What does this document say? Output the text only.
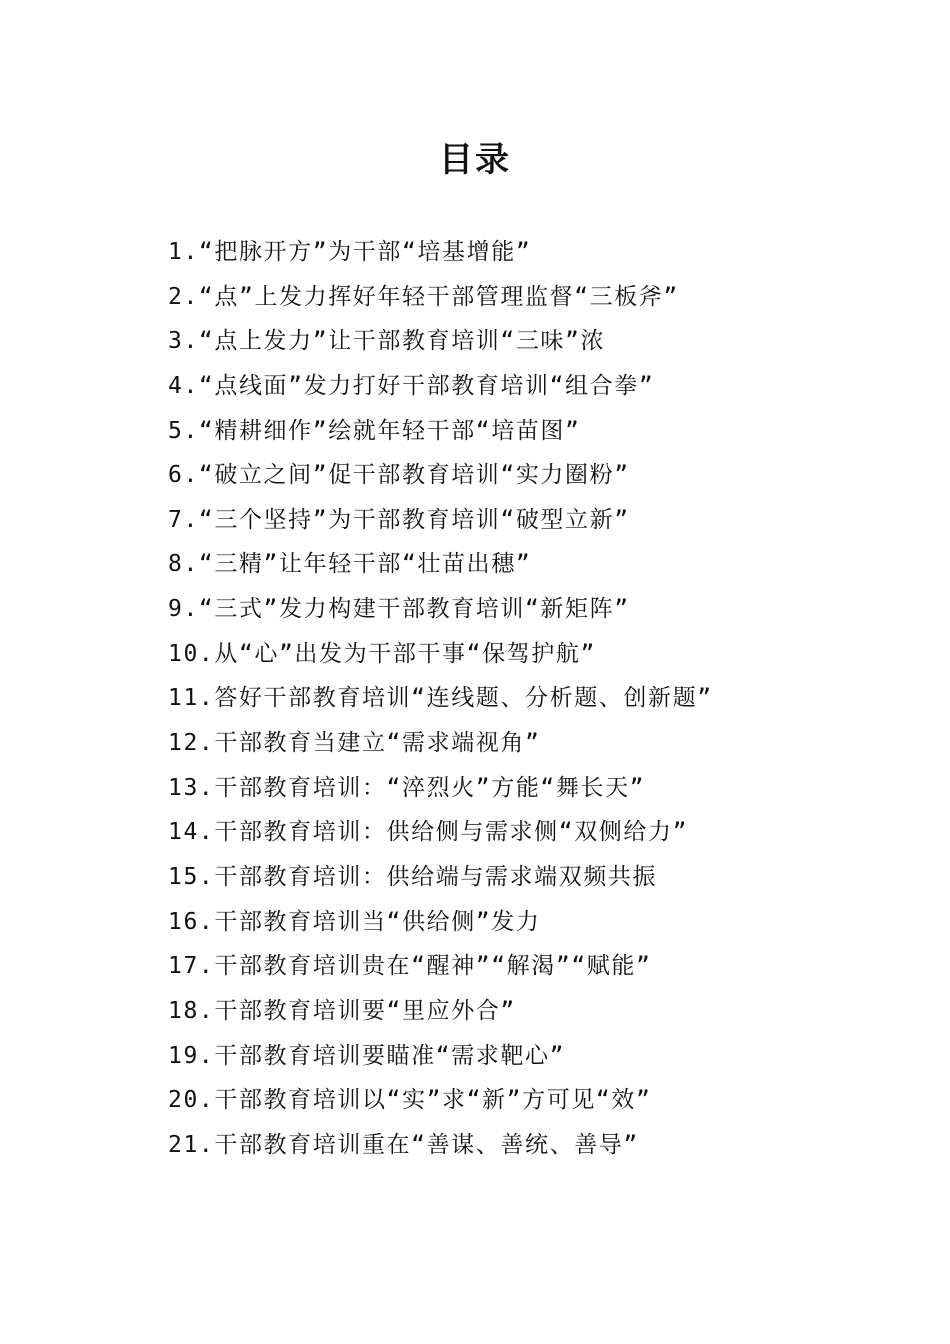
目录
1.“把脉开方”为干部“培基增能”
2.“点”上发力挥好年轻干部管理监督“三板斧”
3.“点上发力”让干部教育培训“三味”浓
4.“点线面”发力打好干部教育培训“组合拳”
5.“精耕细作”绘就年轻干部“培苗图”
6.“破立之间”促干部教育培训“实力圈粉”
7.“三个坚持”为干部教育培训“破型立新”
8.“三精”让年轻干部“壮苗出穗”
9.“三式”发力构建干部教育培训“新矩阵”
10.从“心”出发为干部干事“保驾护航”
11.答好干部教育培训“连线题、分析题、创新题”
12.干部教育当建立“需求端视角”
13.干部教育培训：“淬烈火”方能“舞长天”
14.干部教育培训：供给侧与需求侧“双侧给力”
15.干部教育培训：供给端与需求端双频共振
16.干部教育培训当“供给侧”发力
17.干部教育培训贵在“醒神”“解渴”“赋能”
18.干部教育培训要“里应外合”
19.干部教育培训要瞄准“需求靶心”
20.干部教育培训以“实”求“新”方可见“效”
21.干部教育培训重在“善谋、善统、善导”
